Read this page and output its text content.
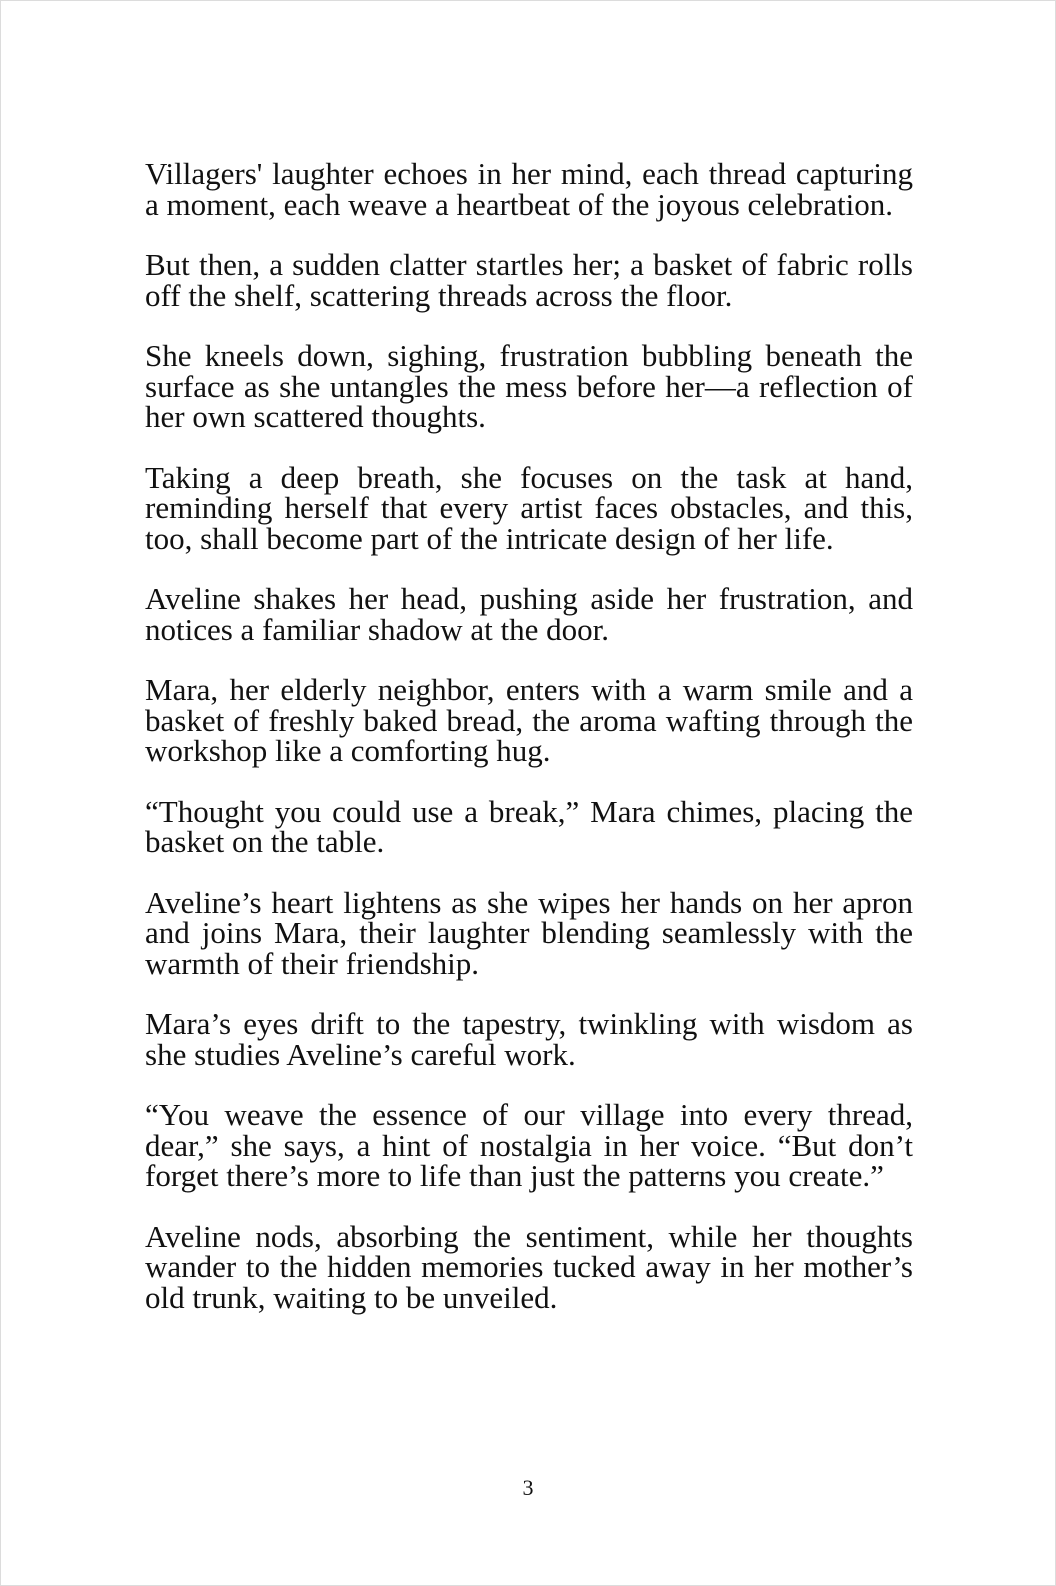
Villagers' laughter echoes in her mind, each thread capturing a moment, each weave a heartbeat of the joyous celebration.

But then, a sudden clatter startles her; a basket of fabric rolls off the shelf, scattering threads across the floor.

She kneels down, sighing, frustration bubbling beneath the surface as she untangles the mess before her—a reflection of her own scattered thoughts.

Taking a deep breath, she focuses on the task at hand, reminding herself that every artist faces obstacles, and this, too, shall become part of the intricate design of her life.

Aveline shakes her head, pushing aside her frustration, and notices a familiar shadow at the door.

Mara, her elderly neighbor, enters with a warm smile and a basket of freshly baked bread, the aroma wafting through the workshop like a comforting hug.

“Thought you could use a break,” Mara chimes, placing the basket on the table.

Aveline’s heart lightens as she wipes her hands on her apron and joins Mara, their laughter blending seamlessly with the warmth of their friendship.

Mara’s eyes drift to the tapestry, twinkling with wisdom as she studies Aveline’s careful work.

“You weave the essence of our village into every thread, dear,” she says, a hint of nostalgia in her voice. “But don’t forget there’s more to life than just the patterns you create.”

Aveline nods, absorbing the sentiment, while her thoughts wander to the hidden memories tucked away in her mother’s old trunk, waiting to be unveiled.

3
